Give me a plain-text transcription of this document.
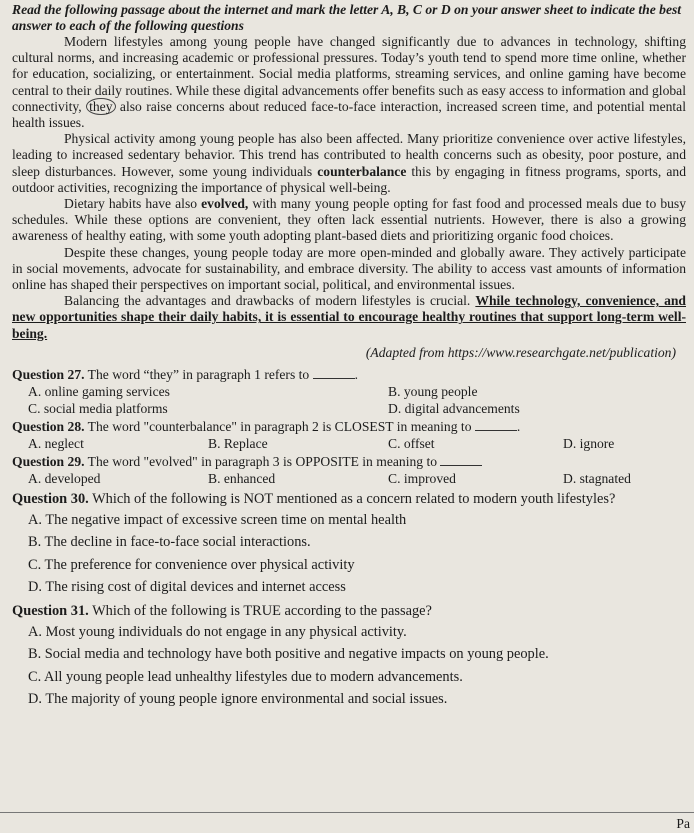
Read the following passage about the internet and mark the letter A, B, C or D on your answer sheet to indicate the best answer to each of the following questions

Modern lifestyles among young people have changed significantly due to advances in technology, shifting cultural norms, and increasing academic or professional pressures. Today’s youth tend to spend more time online, whether for education, socializing, or entertainment. Social media platforms, streaming services, and online gaming have become central to their daily routines. While these digital advancements offer benefits such as easy access to information and global connectivity, they also raise concerns about reduced face-to-face interaction, increased screen time, and potential mental health issues.

Physical activity among young people has also been affected. Many prioritize convenience over active lifestyles, leading to increased sedentary behavior. This trend has contributed to health concerns such as obesity, poor posture, and sleep disturbances. However, some young individuals counterbalance this by engaging in fitness programs, sports, and outdoor activities, recognizing the importance of physical well-being.

Dietary habits have also evolved, with many young people opting for fast food and processed meals due to busy schedules. While these options are convenient, they often lack essential nutrients. However, there is also a growing awareness of healthy eating, with some youth adopting plant-based diets and prioritizing organic food choices.

Despite these changes, young people today are more open-minded and globally aware. They actively participate in social movements, advocate for sustainability, and embrace diversity. The ability to access vast amounts of information online has shaped their perspectives on important social, political, and environmental issues.

Balancing the advantages and drawbacks of modern lifestyles is crucial. While technology, convenience, and new opportunities shape their daily habits, it is essential to encourage healthy routines that support long-term well-being.

(Adapted from https://www.researchgate.net/publication)
Question 27. The word “they” in paragraph 1 refers to	.
A. online gaming services	B. young people
C. social media platforms	D. digital advancements
Question 28. The word "counterbalance" in paragraph 2 is CLOSEST in meaning to	.
A. neglect	B. Replace	C. offset	D. ignore
Question 29. The word "evolved" in paragraph 3 is OPPOSITE in meaning to
A. developed	B. enhanced	C. improved	D. stagnated
Question 30. Which of the following is NOT mentioned as a concern related to modern youth lifestyles?
A. The negative impact of excessive screen time on mental health
B. The decline in face-to-face social interactions.
C. The preference for convenience over physical activity
D. The rising cost of digital devices and internet access
Question 31. Which of the following is TRUE according to the passage?
A. Most young individuals do not engage in any physical activity.
B. Social media and technology have both positive and negative impacts on young people.
C. All young people lead unhealthy lifestyles due to modern advancements.
D. The majority of young people ignore environmental and social issues.
Pa
